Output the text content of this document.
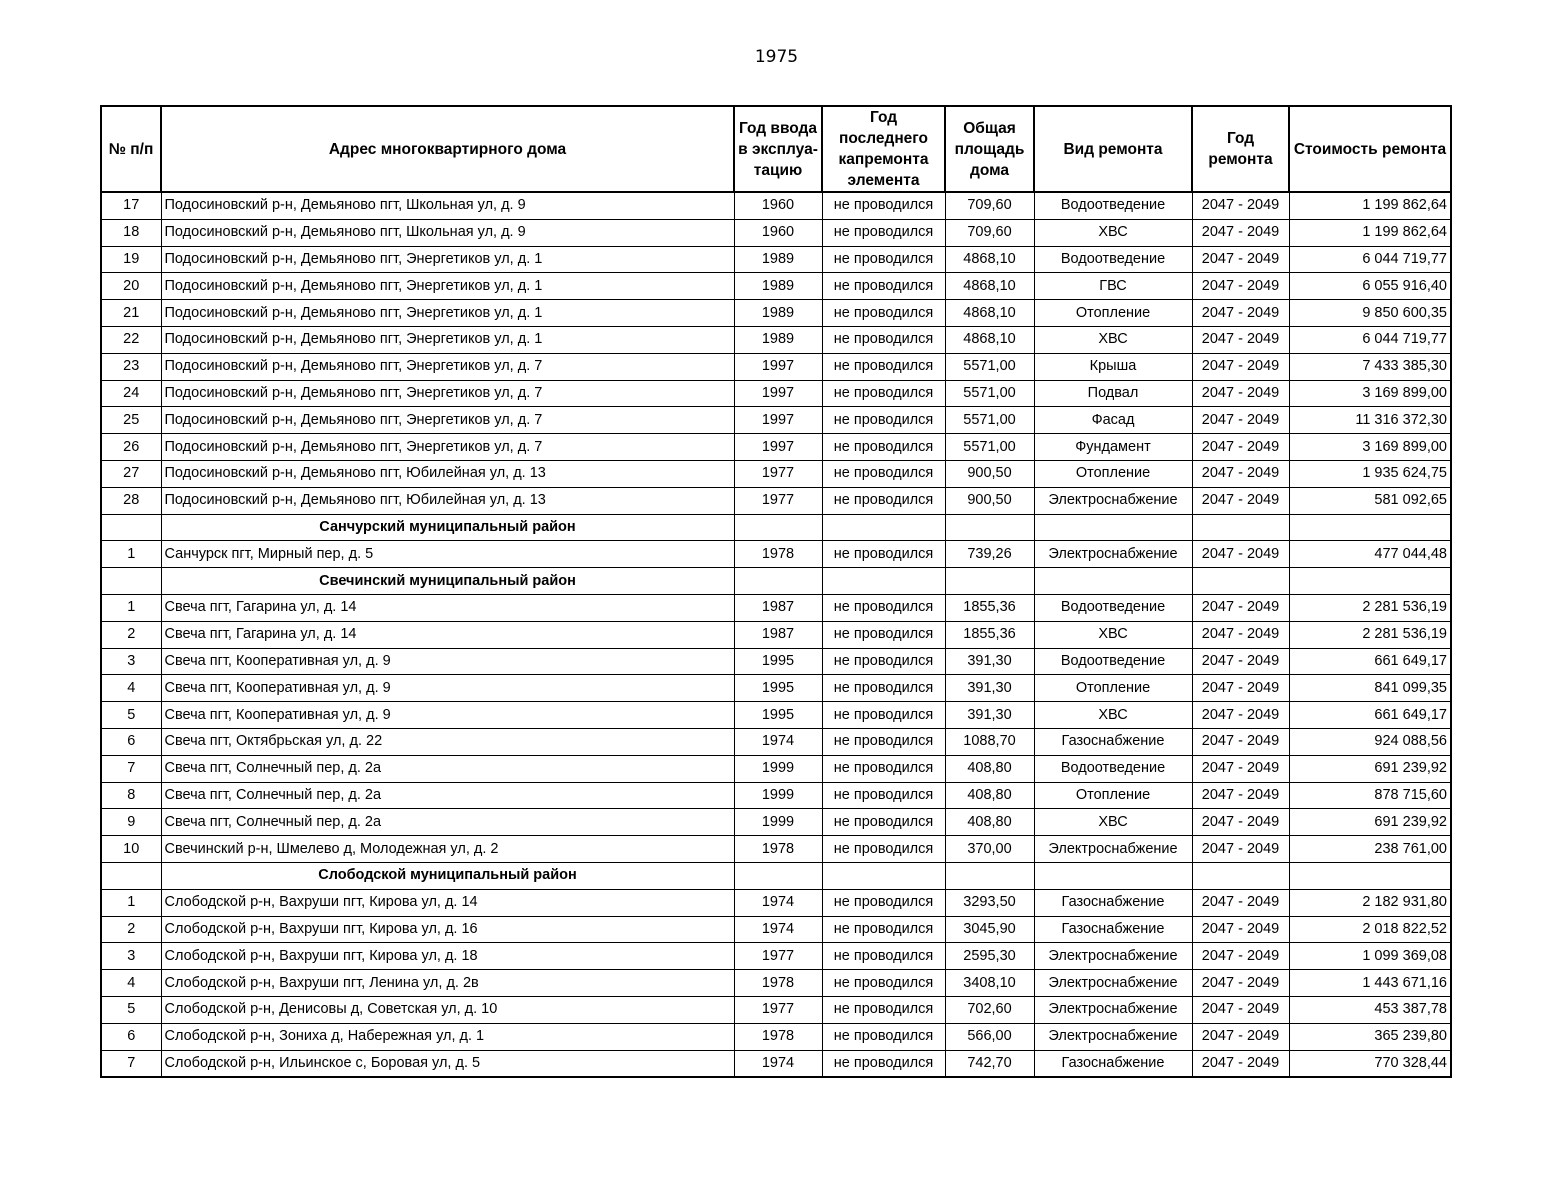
1975
№ п/п	Адрес многоквартирного дома	Год ввода в эксплуа-тацию	Год последнего капремонта элемента	Общая площадь дома	Вид ремонта	Год ремонта	Стоимость ремонта
17	Подосиновский р-н, Демьяново пгт, Школьная ул, д. 9	1960	не проводился	709,60	Водоотведение	2047 - 2049	1 199 862,64
18	Подосиновский р-н, Демьяново пгт, Школьная ул, д. 9	1960	не проводился	709,60	ХВС	2047 - 2049	1 199 862,64
19	Подосиновский р-н, Демьяново пгт, Энергетиков ул, д. 1	1989	не проводился	4868,10	Водоотведение	2047 - 2049	6 044 719,77
20	Подосиновский р-н, Демьяново пгт, Энергетиков ул, д. 1	1989	не проводился	4868,10	ГВС	2047 - 2049	6 055 916,40
21	Подосиновский р-н, Демьяново пгт, Энергетиков ул, д. 1	1989	не проводился	4868,10	Отопление	2047 - 2049	9 850 600,35
22	Подосиновский р-н, Демьяново пгт, Энергетиков ул, д. 1	1989	не проводился	4868,10	ХВС	2047 - 2049	6 044 719,77
23	Подосиновский р-н, Демьяново пгт, Энергетиков ул, д. 7	1997	не проводился	5571,00	Крыша	2047 - 2049	7 433 385,30
24	Подосиновский р-н, Демьяново пгт, Энергетиков ул, д. 7	1997	не проводился	5571,00	Подвал	2047 - 2049	3 169 899,00
25	Подосиновский р-н, Демьяново пгт, Энергетиков ул, д. 7	1997	не проводился	5571,00	Фасад	2047 - 2049	11 316 372,30
26	Подосиновский р-н, Демьяново пгт, Энергетиков ул, д. 7	1997	не проводился	5571,00	Фундамент	2047 - 2049	3 169 899,00
27	Подосиновский р-н, Демьяново пгт, Юбилейная ул, д. 13	1977	не проводился	900,50	Отопление	2047 - 2049	1 935 624,75
28	Подосиновский р-н, Демьяново пгт, Юбилейная ул, д. 13	1977	не проводился	900,50	Электроснабжение	2047 - 2049	581 092,65
	Санчурский муниципальный район						
1	Санчурск пгт, Мирный пер, д. 5	1978	не проводился	739,26	Электроснабжение	2047 - 2049	477 044,48
	Свечинский муниципальный район						
1	Свеча пгт, Гагарина ул, д. 14	1987	не проводился	1855,36	Водоотведение	2047 - 2049	2 281 536,19
2	Свеча пгт, Гагарина ул, д. 14	1987	не проводился	1855,36	ХВС	2047 - 2049	2 281 536,19
3	Свеча пгт, Кооперативная ул, д. 9	1995	не проводился	391,30	Водоотведение	2047 - 2049	661 649,17
4	Свеча пгт, Кооперативная ул, д. 9	1995	не проводился	391,30	Отопление	2047 - 2049	841 099,35
5	Свеча пгт, Кооперативная ул, д. 9	1995	не проводился	391,30	ХВС	2047 - 2049	661 649,17
6	Свеча пгт, Октябрьская ул, д. 22	1974	не проводился	1088,70	Газоснабжение	2047 - 2049	924 088,56
7	Свеча пгт, Солнечный пер, д. 2а	1999	не проводился	408,80	Водоотведение	2047 - 2049	691 239,92
8	Свеча пгт, Солнечный пер, д. 2а	1999	не проводился	408,80	Отопление	2047 - 2049	878 715,60
9	Свеча пгт, Солнечный пер, д. 2а	1999	не проводился	408,80	ХВС	2047 - 2049	691 239,92
10	Свечинский р-н, Шмелево д, Молодежная ул, д. 2	1978	не проводился	370,00	Электроснабжение	2047 - 2049	238 761,00
	Слободской муниципальный район						
1	Слободской р-н, Вахруши пгт, Кирова ул, д. 14	1974	не проводился	3293,50	Газоснабжение	2047 - 2049	2 182 931,80
2	Слободской р-н, Вахруши пгт, Кирова ул, д. 16	1974	не проводился	3045,90	Газоснабжение	2047 - 2049	2 018 822,52
3	Слободской р-н, Вахруши пгт, Кирова ул, д. 18	1977	не проводился	2595,30	Электроснабжение	2047 - 2049	1 099 369,08
4	Слободской р-н, Вахруши пгт, Ленина ул, д. 2в	1978	не проводился	3408,10	Электроснабжение	2047 - 2049	1 443 671,16
5	Слободской р-н, Денисовы д, Советская ул, д. 10	1977	не проводился	702,60	Электроснабжение	2047 - 2049	453 387,78
6	Слободской р-н, Зониха д, Набережная ул, д. 1	1978	не проводился	566,00	Электроснабжение	2047 - 2049	365 239,80
7	Слободской р-н, Ильинское с, Боровая ул, д. 5	1974	не проводился	742,70	Газоснабжение	2047 - 2049	770 328,44
